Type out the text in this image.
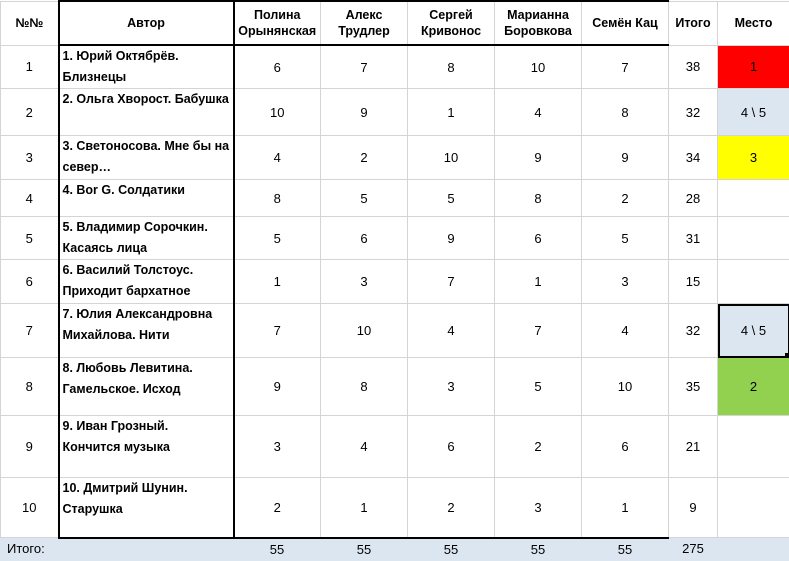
№№	Автор	Полина Орынянская	Алекс Трудлер	Сергей Кривонос	Марианна Боровкова	Семён Кац	Итого	Место
1	1. Юрий Октябрёв. Близнецы	6	7	8	10	7	38	1
2	2. Ольга Хворост. Бабушка	10	9	1	4	8	32	4 \ 5
3	3. Светоносова. Мне бы на север…	4	2	10	9	9	34	3
4	4. Bor G. Солдатики	8	5	5	8	2	28	
5	5. Владимир Сорочкин. Касаясь лица	5	6	9	6	5	31	
6	6. Василий Толстоус. Приходит бархатное	1	3	7	1	3	15	
7	7. Юлия Александровна Михайлова. Нити	7	10	4	7	4	32	4 \ 5

8	8. Любовь Левитина. Гамельское. Исход	9	8	3	5	10	35	2
9	9. Иван Грозный. Кончится музыка	3	4	6	2	6	21	
10	10. Дмитрий Шунин. Старушка	2	1	2	3	1	9	
Итого:		55	55	55	55	55	275	
